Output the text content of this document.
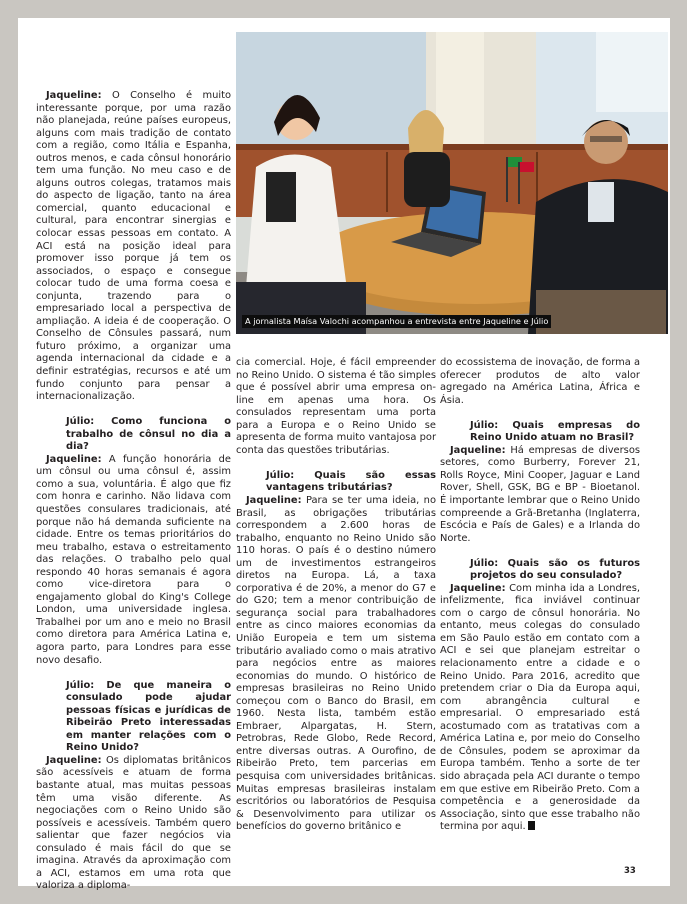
A jornalista Maísa Valochi acompanhou a entrevista entre Jaqueline e Júlio

Jaqueline: O Conselho é muito interessante porque, por uma razão não planejada, reúne países europeus, alguns com mais tradição de contato com a região, como Itália e Espanha, outros menos, e cada cônsul honorário tem uma função. No meu caso e de alguns outros colegas, tratamos mais do aspecto de ligação, tanto na área comercial, quanto educacional e cultural, para encontrar sinergias e colocar essas pessoas em contato. A ACI está na posição ideal para promover isso porque já tem os associados, o espaço e consegue colocar tudo de uma forma coesa e conjunta, trazendo para o empresariado local a perspectiva de ampliação. A ideia é de cooperação. O Conselho de Cônsules passará, num futuro próximo, a organizar uma agenda internacional da cidade e a definir estratégias, recursos e até um fundo conjunto para pensar a internacionalização.

Júlio: Como funciona o trabalho de cônsul no dia a dia?

Jaqueline: A função honorária de um cônsul ou uma cônsul é, assim como a sua, voluntária. É algo que fiz com honra e carinho. Não lidava com questões consulares tradicionais, até porque não há demanda suficiente na cidade. Entre os temas prioritários do meu trabalho, estava o estreitamento das relações. O trabalho pelo qual respondo 40 horas semanais é agora como vice-diretora para o engajamento global do King's College London, uma universidade inglesa. Trabalhei por um ano e meio no Brasil como diretora para América Latina e, agora parto, para Londres para esse novo desafio.

Júlio: De que maneira o consulado pode ajudar pessoas físicas e jurídicas de Ribeirão Preto interessadas em manter relações com o Reino Unido?

Jaqueline: Os diplomatas britânicos são acessíveis e atuam de forma bastante atual, mas muitas pessoas têm uma visão diferente. As negociações com o Reino Unido são possíveis e acessíveis. Também quero salientar que fazer negócios via consulado é mais fácil do que se imagina. Através da aproximação com a ACI, estamos em uma rota que valoriza a diploma-

cia comercial. Hoje, é fácil empreender no Reino Unido. O sistema é tão simples que é possível abrir uma empresa on-line em apenas uma hora. Os consulados representam uma porta para a Europa e o Reino Unido se apresenta de forma muito vantajosa por conta das questões tributárias.

Júlio: Quais são essas vantagens tributárias?

Jaqueline: Para se ter uma ideia, no Brasil, as obrigações tributárias correspondem a 2.600 horas de trabalho, enquanto no Reino Unido são 110 horas. O país é o destino número um de investimentos estrangeiros diretos na Europa. Lá, a taxa corporativa é de 20%, a menor do G7 e do G20; tem a menor contribuição de segurança social para trabalhadores entre as cinco maiores economias da União Europeia e tem um sistema tributário avaliado como o mais atrativo para negócios entre as maiores economias do mundo. O histórico de empresas brasileiras no Reino Unido começou com o Banco do Brasil, em 1960. Nesta lista, também estão Embraer, Alpargatas, H. Stern, Petrobras, Rede Globo, Rede Record, entre diversas outras. A Ourofino, de Ribeirão Preto, tem parcerias em pesquisa com universidades britânicas. Muitas empresas brasileiras instalam escritórios ou laboratórios de Pesquisa & Desenvolvimento para utilizar os benefícios do governo britânico e

do ecossistema de inovação, de forma a oferecer produtos de alto valor agregado na América Latina, África e Ásia.

Júlio: Quais empresas do Reino Unido atuam no Brasil?

Jaqueline: Há empresas de diversos setores, como Burberry, Forever 21, Rolls Royce, Mini Cooper, Jaguar e Land Rover, Shell, GSK, BG e BP - Bioetanol. É importante lembrar que o Reino Unido compreende a Grã-Bretanha (Inglaterra, Escócia e País de Gales) e a Irlanda do Norte.

Júlio: Quais são os futuros projetos do seu consulado?

Jaqueline: Com minha ida a Londres, infelizmente, fica inviável continuar com o cargo de cônsul honorária. No entanto, meus colegas do consulado em São Paulo estão em contato com a ACI e sei que planejam estreitar o relacionamento entre a cidade e o Reino Unido. Para 2016, acredito que pretendem criar o Dia da Europa aqui, com abrangência cultural e empresarial. O empresariado está acostumado com as tratativas com a América Latina e, por meio do Conselho de Cônsules, podem se aproximar da Europa também. Tenho a sorte de ter sido abraçada pela ACI durante o tempo em que estive em Ribeirão Preto. Com a competência e a generosidade da Associação, sinto que esse trabalho não termina por aqui.

33
